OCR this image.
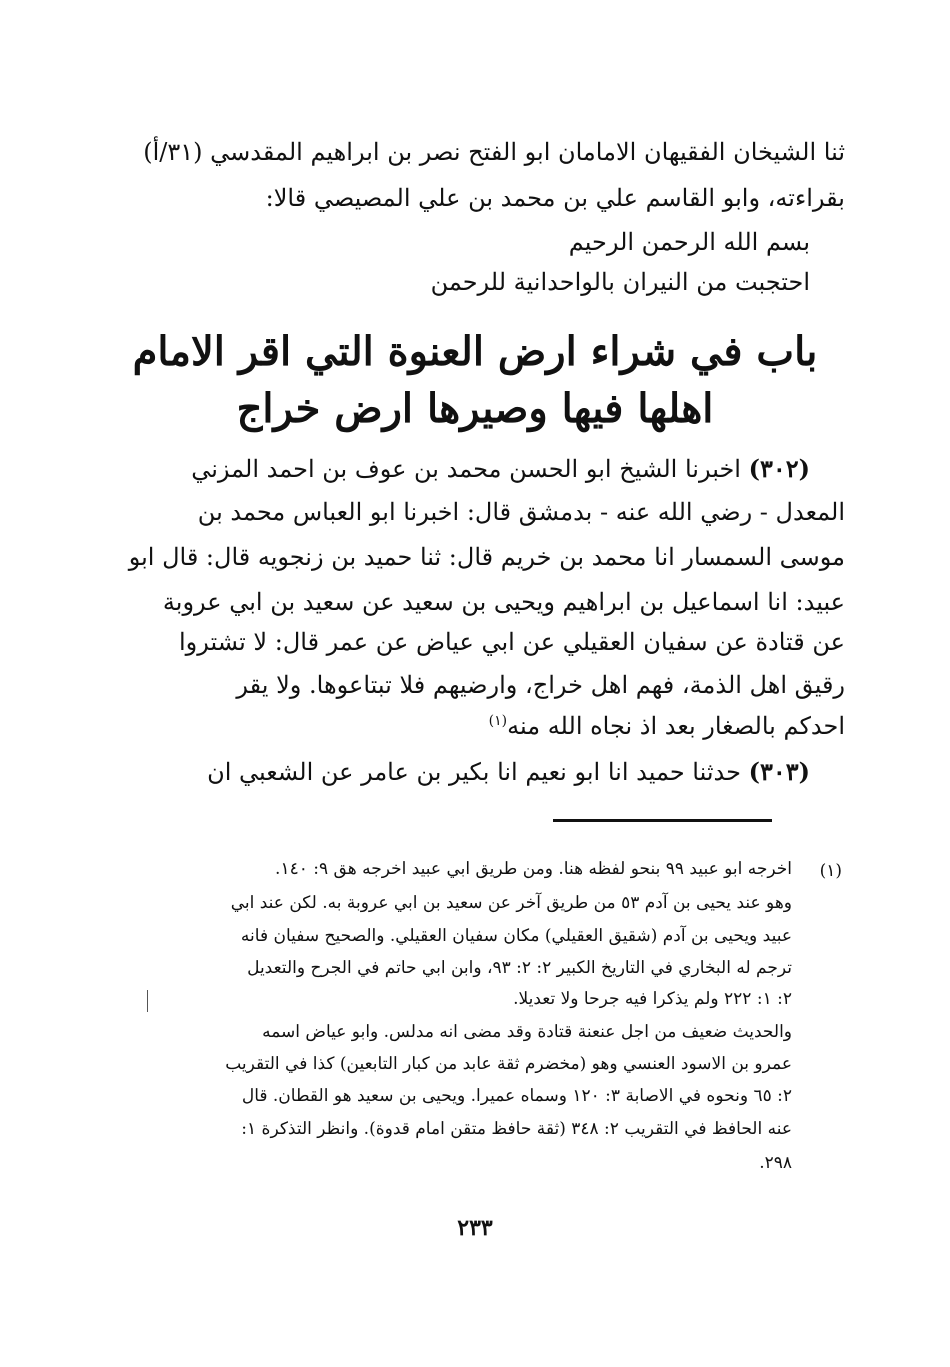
ثنا الشيخان الفقيهان الامامان ابو الفتح نصر بن ابراهيم المقدسي (٣١/أ)
بقراءته، وابو القاسم علي بن محمد بن علي المصيصي قالا:
بسم الله الرحمن الرحيم
احتجبت من النيران بالواحدانية للرحمن
باب في شراء ارض العنوة التي اقر الامام
اهلها فيها وصيرها ارض خراج
(٣٠٢) اخبرنا الشيخ ابو الحسن محمد بن عوف بن احمد المزني
المعدل - رضي الله عنه - بدمشق قال: اخبرنا ابو العباس محمد بن
موسى السمسار انا محمد بن خريم قال: ثنا حميد بن زنجويه قال: قال ابو
عبيد: انا اسماعيل بن ابراهيم ويحيى بن سعيد عن سعيد بن ابي عروبة
عن قتادة عن سفيان العقيلي عن ابي عياض عن عمر قال: لا تشتروا
رقيق اهل الذمة، فهم اهل خراج، وارضيهم فلا تبتاعوها. ولا يقر
احدكم بالصغار بعد اذ نجاه الله منه$^{(١)}$
(٣٠٣) حدثنا حميد انا ابو نعيم انا بكير بن عامر عن الشعبي ان
(١)
اخرجه ابو عبيد ٩٩ بنحو لفظه هنا. ومن طريق ابي عبيد اخرجه هق ٩: ١٤٠.
وهو عند يحيى بن آدم ٥٣ من طريق آخر عن سعيد بن ابي عروبة به. لكن عند ابي
عبيد ويحيى بن آدم (شقيق العقيلي) مكان سفيان العقيلي. والصحيح سفيان فانه
ترجم له البخاري في التاريخ الكبير ٢: ٢: ٩٣، وابن ابي حاتم في الجرح والتعديل
٢: ١: ٢٢٢ ولم يذكرا فيه جرحا ولا تعديلا.
والحديث ضعيف من اجل عنعنة قتادة وقد مضى انه مدلس. وابو عياض اسمه
عمرو بن الاسود العنسي وهو (مخضرم ثقة عابد من كبار التابعين) كذا في التقريب
٢: ٦٥ ونحوه في الاصابة ٣: ١٢٠ وسماه عميرا. ويحيى بن سعيد هو القطان. قال
عنه الحافظ في التقريب ٢: ٣٤٨ (ثقة حافظ متقن امام قدوة). وانظر التذكرة ١:
٢٩٨.
٢٣٣
